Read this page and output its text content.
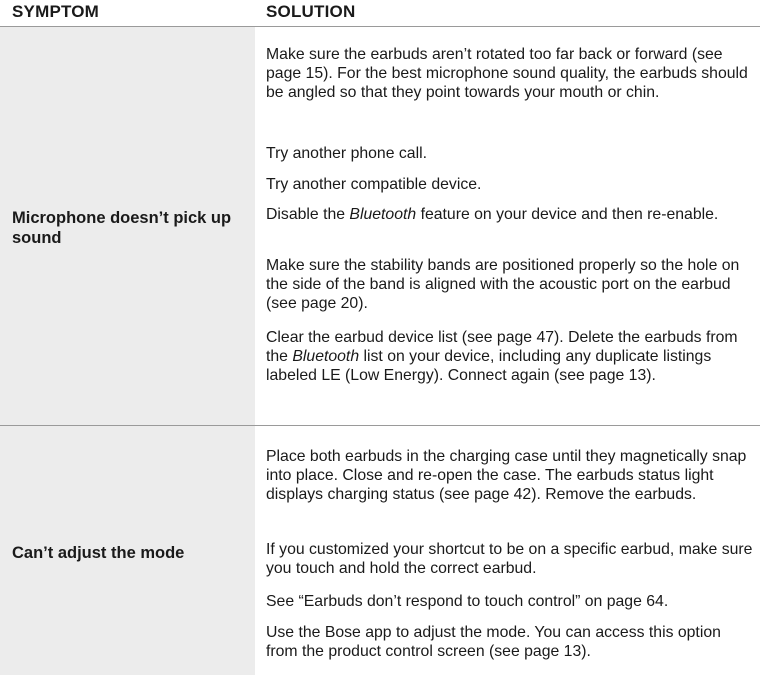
SYMPTOM	SOLUTION
Microphone doesn’t pick up sound
Make sure the earbuds aren’t rotated too far back or forward (see page 15). For the best microphone sound quality, the earbuds should be angled so that they point towards your mouth or chin.
Try another phone call.
Try another compatible device.
Disable the Bluetooth feature on your device and then re-enable.
Make sure the stability bands are positioned properly so the hole on the side of the band is aligned with the acoustic port on the earbud (see page 20).
Clear the earbud device list (see page 47). Delete the earbuds from the Bluetooth list on your device, including any duplicate listings labeled LE (Low Energy). Connect again (see page 13).
Can’t adjust the mode
Place both earbuds in the charging case until they magnetically snap into place. Close and re-open the case. The earbuds status light displays charging status (see page 42). Remove the earbuds.
If you customized your shortcut to be on a specific earbud, make sure you touch and hold the correct earbud.
See “Earbuds don’t respond to touch control” on page 64.
Use the Bose app to adjust the mode. You can access this option from the product control screen (see page 13).
